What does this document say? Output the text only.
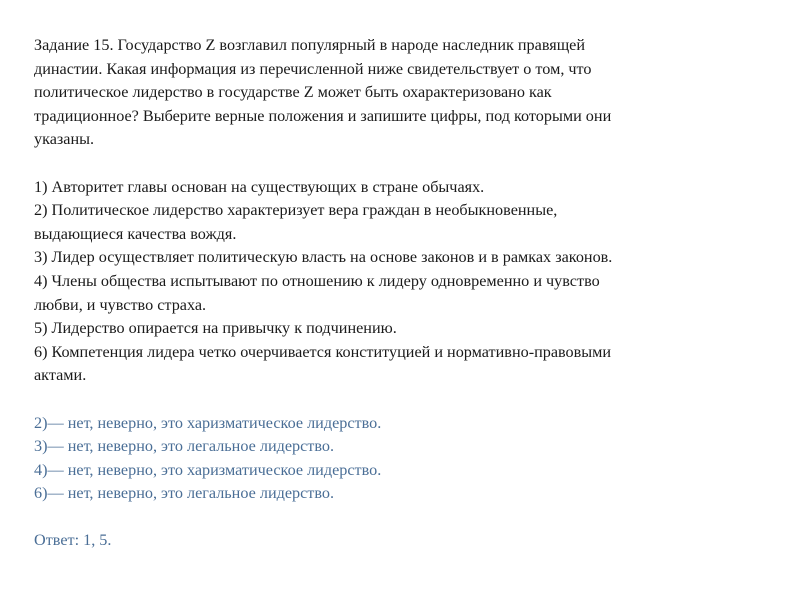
Задание 15. Государство Z возглавил популярный в народе наследник правящей
династии. Какая информация из перечисленной ниже свидетельствует о том, что
политическое лидерство в государстве Z может быть охарактеризовано как
традиционное? Выберите верные положения и запишите цифры, под которыми они
указаны.
1) Авторитет главы основан на существующих в стране обычаях.
2) Политическое лидерство характеризует вера граждан в необыкновенные,
выдающиеся качества вождя.
3) Лидер осуществляет политическую власть на основе законов и в рамках законов.
4) Члены общества испытывают по отношению к лидеру одновременно и чувство
любви, и чувство страха.
5) Лидерство опирается на привычку к подчинению.
6) Компетенция лидера четко очерчивается конституцией и нормативно-правовыми
актами.
2)— нет, неверно, это харизматическое лидерство.
3)— нет, неверно, это легальное лидерство.
4)— нет, неверно, это харизматическое лидерство.
6)— нет, неверно, это легальное лидерство.
Ответ: 1, 5.
